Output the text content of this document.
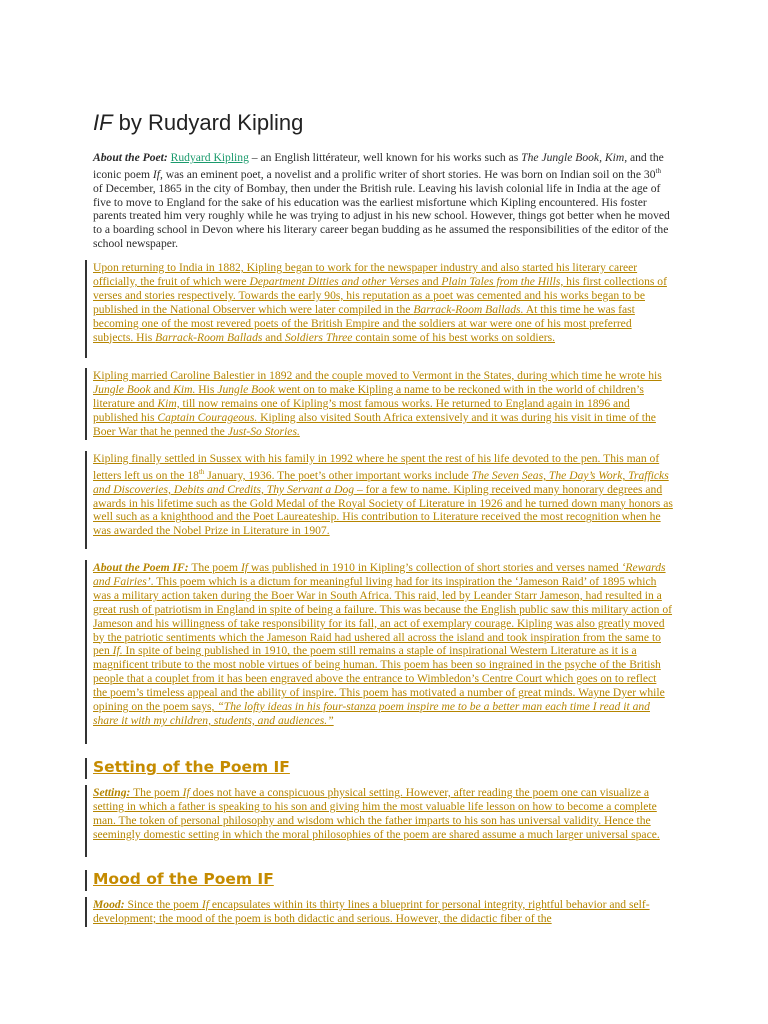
IF by Rudyard Kipling
About the Poet: Rudyard Kipling – an English littérateur, well known for his works such as The Jungle Book, Kim, and the iconic poem If, was an eminent poet, a novelist and a prolific writer of short stories. He was born on Indian soil on the 30th of December, 1865 in the city of Bombay, then under the British rule. Leaving his lavish colonial life in India at the age of five to move to England for the sake of his education was the earliest misfortune which Kipling encountered. His foster parents treated him very roughly while he was trying to adjust in his new school. However, things got better when he moved to a boarding school in Devon where his literary career began budding as he assumed the responsibilities of the editor of the school newspaper.
Upon returning to India in 1882, Kipling began to work for the newspaper industry and also started his literary career officially, the fruit of which were Department Ditties and other Verses and Plain Tales from the Hills, his first collections of verses and stories respectively. Towards the early 90s, his reputation as a poet was cemented and his works began to be published in the National Observer which were later compiled in the Barrack-Room Ballads. At this time he was fast becoming one of the most revered poets of the British Empire and the soldiers at war were one of his most preferred subjects. His Barrack-Room Ballads and Soldiers Three contain some of his best works on soldiers.
Kipling married Caroline Balestier in 1892 and the couple moved to Vermont in the States, during which time he wrote his Jungle Book and Kim. His Jungle Book went on to make Kipling a name to be reckoned with in the world of children’s literature and Kim, till now remains one of Kipling’s most famous works. He returned to England again in 1896 and published his Captain Courageous. Kipling also visited South Africa extensively and it was during his visit in time of the Boer War that he penned the Just-So Stories.
Kipling finally settled in Sussex with his family in 1992 where he spent the rest of his life devoted to the pen. This man of letters left us on the 18th January, 1936. The poet’s other important works include The Seven Seas, The Day’s Work, Trafficks and Discoveries, Debits and Credits, Thy Servant a Dog – for a few to name. Kipling received many honorary degrees and awards in his lifetime such as the Gold Medal of the Royal Society of Literature in 1926 and he turned down many honors as well such as a knighthood and the Poet Laureateship. His contribution to Literature received the most recognition when he was awarded the Nobel Prize in Literature in 1907.
About the Poem IF: The poem If was published in 1910 in Kipling’s collection of short stories and verses named ‘Rewards and Fairies’. This poem which is a dictum for meaningful living had for its inspiration the ‘Jameson Raid’ of 1895 which was a military action taken during the Boer War in South Africa. This raid, led by Leander Starr Jameson, had resulted in a great rush of patriotism in England in spite of being a failure. This was because the English public saw this military action of Jameson and his willingness of take responsibility for its fall, an act of exemplary courage. Kipling was also greatly moved by the patriotic sentiments which the Jameson Raid had ushered all across the island and took inspiration from the same to pen If. In spite of being published in 1910, the poem still remains a staple of inspirational Western Literature as it is a magnificent tribute to the most noble virtues of being human. This poem has been so ingrained in the psyche of the British people that a couplet from it has been engraved above the entrance to Wimbledon’s Centre Court which goes on to reflect the poem’s timeless appeal and the ability of inspire. This poem has motivated a number of great minds. Wayne Dyer while opining on the poem says, “The lofty ideas in his four-stanza poem inspire me to be a better man each time I read it and share it with my children, students, and audiences.”
Setting of the Poem IF
Setting: The poem If does not have a conspicuous physical setting. However, after reading the poem one can visualize a setting in which a father is speaking to his son and giving him the most valuable life lesson on how to become a complete man. The token of personal philosophy and wisdom which the father imparts to his son has universal validity. Hence the seemingly domestic setting in which the moral philosophies of the poem are shared assume a much larger universal space.
Mood of the Poem IF
Mood: Since the poem If encapsulates within its thirty lines a blueprint for personal integrity, rightful behavior and self-development; the mood of the poem is both didactic and serious. However, the didactic fiber of the
